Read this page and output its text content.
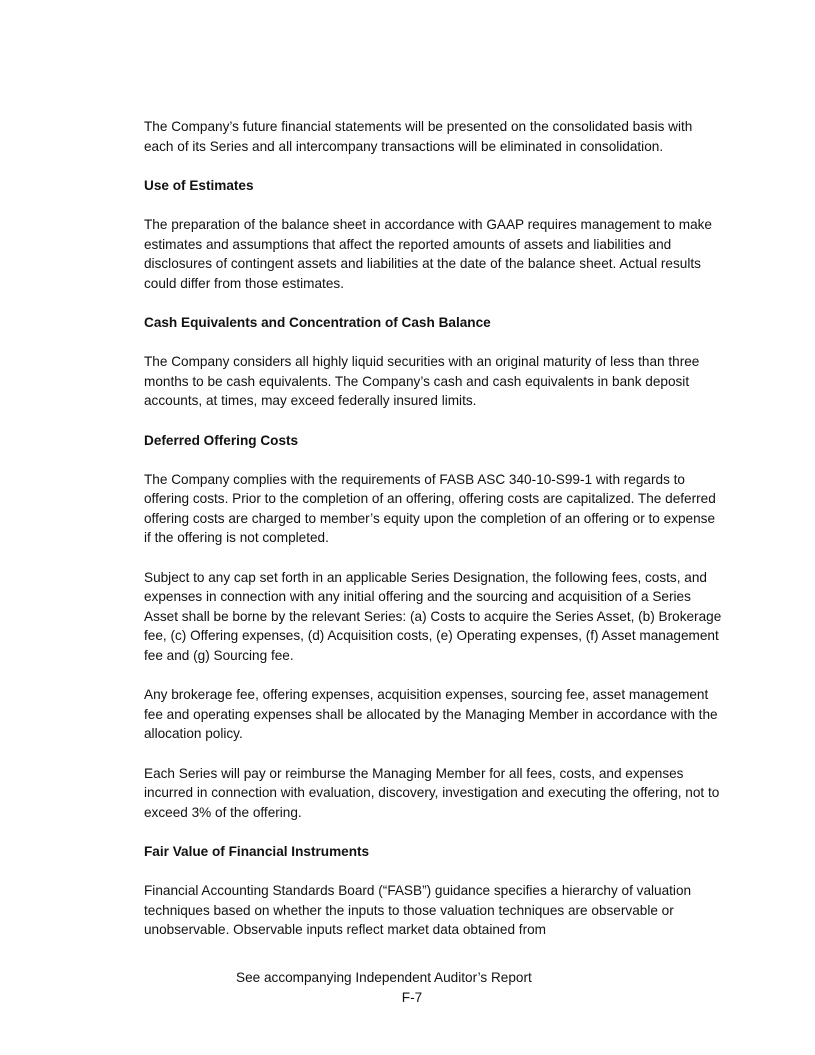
The Company’s future financial statements will be presented on the consolidated basis with each of its Series and all intercompany transactions will be eliminated in consolidation.

Use of Estimates

The preparation of the balance sheet in accordance with GAAP requires management to make estimates and assumptions that affect the reported amounts of assets and liabilities and disclosures of contingent assets and liabilities at the date of the balance sheet. Actual results could differ from those estimates.

Cash Equivalents and Concentration of Cash Balance

The Company considers all highly liquid securities with an original maturity of less than three months to be cash equivalents. The Company’s cash and cash equivalents in bank deposit accounts, at times, may exceed federally insured limits.

Deferred Offering Costs

The Company complies with the requirements of FASB ASC 340-10-S99-1 with regards to offering costs. Prior to the completion of an offering, offering costs are capitalized. The deferred offering costs are charged to member’s equity upon the completion of an offering or to expense if the offering is not completed.

Subject to any cap set forth in an applicable Series Designation, the following fees, costs, and expenses in connection with any initial offering and the sourcing and acquisition of a Series Asset shall be borne by the relevant Series: (a) Costs to acquire the Series Asset, (b) Brokerage fee, (c) Offering expenses, (d) Acquisition costs, (e) Operating expenses, (f) Asset management fee and (g) Sourcing fee.

Any brokerage fee, offering expenses, acquisition expenses, sourcing fee, asset management fee and operating expenses shall be allocated by the Managing Member in accordance with the allocation policy.

Each Series will pay or reimburse the Managing Member for all fees, costs, and expenses incurred in connection with evaluation, discovery, investigation and executing the offering, not to exceed 3% of the offering.

Fair Value of Financial Instruments

Financial Accounting Standards Board (“FASB”) guidance specifies a hierarchy of valuation techniques based on whether the inputs to those valuation techniques are observable or unobservable. Observable inputs reflect market data obtained from

See accompanying Independent Auditor’s Report
F-7
